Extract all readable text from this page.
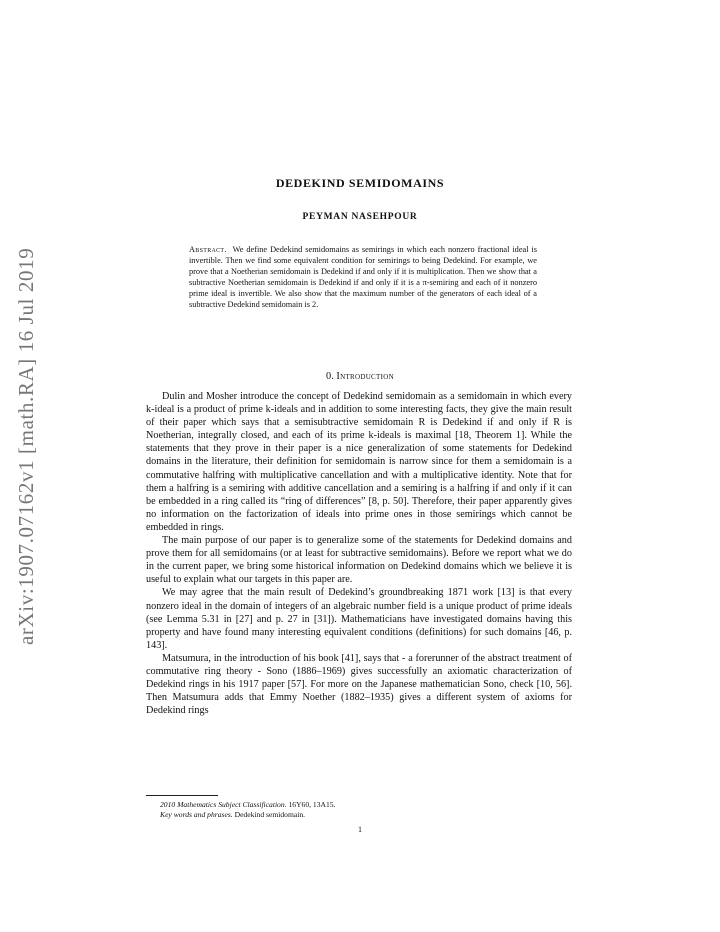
arXiv:1907.07162v1 [math.RA] 16 Jul 2019
DEDEKIND SEMIDOMAINS
PEYMAN NASEHPOUR
Abstract. We define Dedekind semidomains as semirings in which each nonzero fractional ideal is invertible. Then we find some equivalent condition for semirings to being Dedekind. For example, we prove that a Noetherian semidomain is Dedekind if and only if it is multiplication. Then we show that a subtractive Noetherian semidomain is Dedekind if and only if it is a π-semiring and each of it nonzero prime ideal is invertible. We also show that the maximum number of the generators of each ideal of a subtractive Dedekind semidomain is 2.
0. Introduction

Dulin and Mosher introduce the concept of Dedekind semidomain as a semidomain in which every k-ideal is a product of prime k-ideals and in addition to some interesting facts, they give the main result of their paper which says that a semisubtractive semidomain R is Dedekind if and only if R is Noetherian, integrally closed, and each of its prime k-ideals is maximal [18, Theorem 1]. While the statements that they prove in their paper is a nice generalization of some statements for Dedekind domains in the literature, their definition for semidomain is narrow since for them a semidomain is a commutative halfring with multiplicative cancellation and with a multiplicative identity. Note that for them a halfring is a semiring with additive cancellation and a semiring is a halfring if and only if it can be embedded in a ring called its “ring of differences” [8, p. 50]. Therefore, their paper apparently gives no information on the factorization of ideals into prime ones in those semirings which cannot be embedded in rings.

The main purpose of our paper is to generalize some of the statements for Dedekind domains and prove them for all semidomains (or at least for subtractive semidomains). Before we report what we do in the current paper, we bring some historical information on Dedekind domains which we believe it is useful to explain what our targets in this paper are.

We may agree that the main result of Dedekind’s groundbreaking 1871 work [13] is that every nonzero ideal in the domain of integers of an algebraic number field is a unique product of prime ideals (see Lemma 5.31 in [27] and p. 27 in [31]). Mathematicians have investigated domains having this property and have found many interesting equivalent conditions (definitions) for such domains [46, p. 143].

Matsumura, in the introduction of his book [41], says that - a forerunner of the abstract treatment of commutative ring theory - Sono (1886–1969) gives successfully an axiomatic characterization of Dedekind rings in his 1917 paper [57]. For more on the Japanese mathematician Sono, check [10, 56]. Then Matsumura adds that Emmy Noether (1882–1935) gives a different system of axioms for Dedekind rings

2010 Mathematics Subject Classification. 16Y60, 13A15.

Key words and phrases. Dedekind semidomain.

1
